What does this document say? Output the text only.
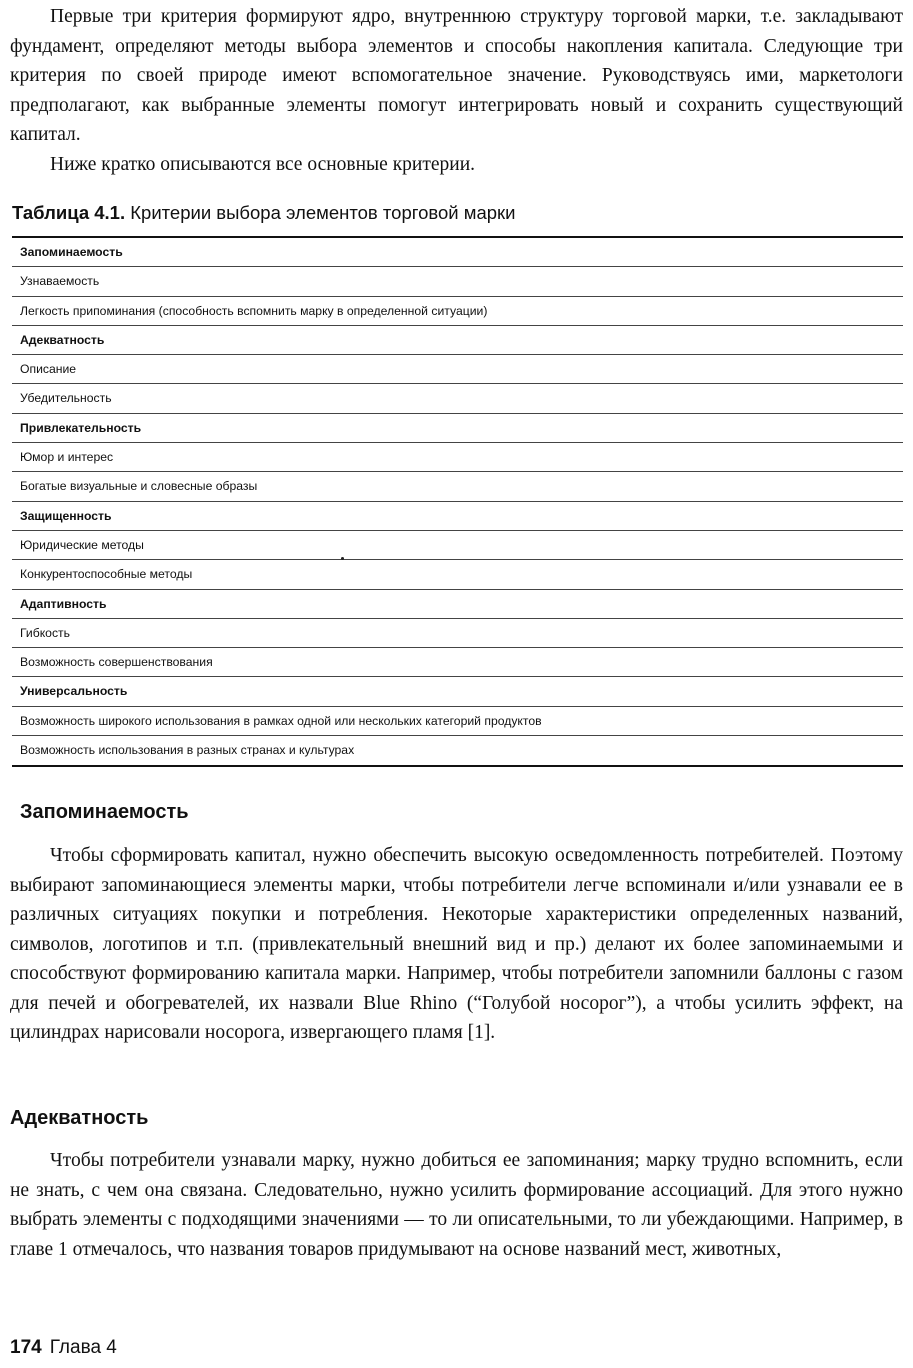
Первые три критерия формируют ядро, внутреннюю структуру торговой марки, т.е. закладывают фундамент, определяют методы выбора элементов и способы накопления капитала. Следующие три критерия по своей природе имеют вспомогательное значение. Руководствуясь ими, маркетологи предполагают, как выбранные элементы помогут интегрировать новый и сохранить существующий капитал.

Ниже кратко описываются все основные критерии.

Таблица 4.1. Критерии выбора элементов торговой марки

Запоминаемость
Узнаваемость
Легкость припоминания (способность вспомнить марку в определенной ситуации)
Адекватность
Описание
Убедительность
Привлекательность
Юмор и интерес
Богатые визуальные и словесные образы
Защищенность
Юридические методы
Конкурентоспособные методы
Адаптивность
Гибкость
Возможность совершенствования
Универсальность
Возможность широкого использования в рамках одной или нескольких категорий продуктов
Возможность использования в разных странах и культурах
Запоминаемость

Чтобы сформировать капитал, нужно обеспечить высокую осведомленность потребителей. Поэтому выбирают запоминающиеся элементы марки, чтобы потребители легче вспоминали и/или узнавали ее в различных ситуациях покупки и потребления. Некоторые характеристики определенных названий, символов, логотипов и т.п. (привлекательный внешний вид и пр.) делают их более запоминаемыми и способствуют формированию капитала марки. Например, чтобы потребители запомнили баллоны с газом для печей и обогревателей, их назвали Blue Rhino (“Голубой носорог”), а чтобы усилить эффект, на цилиндрах нарисовали носорога, извергающего пламя [1].

Адекватность

Чтобы потребители узнавали марку, нужно добиться ее запоминания; марку трудно вспомнить, если не знать, с чем она связана. Следовательно, нужно усилить формирование ассоциаций. Для этого нужно выбрать элементы с подходящими значениями — то ли описательными, то ли убеждающими. Например, в главе 1 отмечалось, что названия товаров придумывают на основе названий мест, животных,

174 Глава 4
